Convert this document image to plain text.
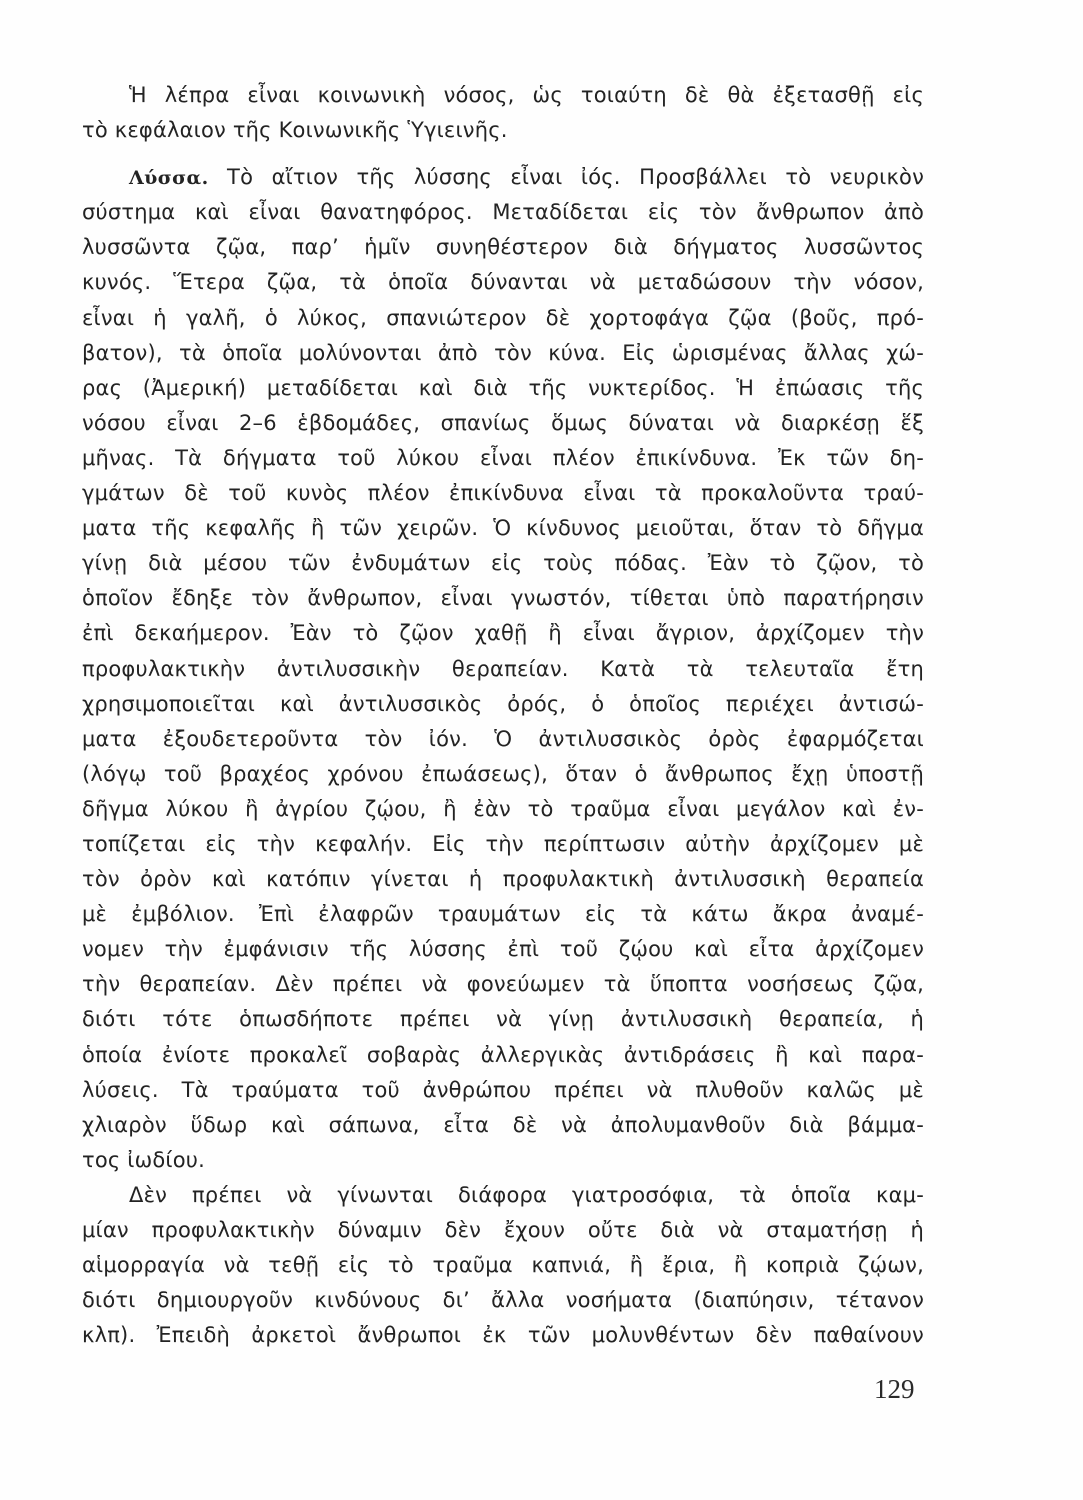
Ἡ λέπρα εἶναι κοινωνικὴ νόσος, ὡς τοιαύτη δὲ θὰ ἐξετασθῇ εἰς
τὸ κεφάλαιον τῆς Κοινωνικῆς Ὑγιεινῆς.
Λύσσα. Τὸ αἴτιον τῆς λύσσης εἶναι ἰός. Προσβάλλει τὸ νευρικὸν
σύστημα καὶ εἶναι θανατηφόρος. Μεταδίδεται εἰς τὸν ἄνθρωπον ἀπὸ
λυσσῶντα ζῷα, παρ’ ἡμῖν συνηθέστερον διὰ δήγματος λυσσῶντος
κυνός. Ἕτερα ζῷα, τὰ ὁποῖα δύνανται νὰ μεταδώσουν τὴν νόσον,
εἶναι ἡ γαλῆ, ὁ λύκος, σπανιώτερον δὲ χορτοφάγα ζῷα (βοῦς, πρό-
βατον), τὰ ὁποῖα μολύνονται ἀπὸ τὸν κύνα. Εἰς ὡρισμένας ἄλλας χώ-
ρας (Ἀμερική) μεταδίδεται καὶ διὰ τῆς νυκτερίδος. Ἡ ἐπώασις τῆς
νόσου εἶναι 2–6 ἑβδομάδες, σπανίως ὅμως δύναται νὰ διαρκέσῃ ἕξ
μῆνας. Τὰ δήγματα τοῦ λύκου εἶναι πλέον ἐπικίνδυνα. Ἐκ τῶν δη-
γμάτων δὲ τοῦ κυνὸς πλέον ἐπικίνδυνα εἶναι τὰ προκαλοῦντα τραύ-
ματα τῆς κεφαλῆς ἢ τῶν χειρῶν. Ὁ κίνδυνος μειοῦται, ὅταν τὸ δῆγμα
γίνῃ διὰ μέσου τῶν ἐνδυμάτων εἰς τοὺς πόδας. Ἐὰν τὸ ζῷον, τὸ
ὁποῖον ἔδηξε τὸν ἄνθρωπον, εἶναι γνωστόν, τίθεται ὑπὸ παρατήρησιν
ἐπὶ δεκαήμερον. Ἐὰν τὸ ζῷον χαθῇ ἢ εἶναι ἄγριον, ἀρχίζομεν τὴν
προφυλακτικὴν ἀντιλυσσικὴν θεραπείαν. Κατὰ τὰ τελευταῖα ἔτη
χρησιμοποιεῖται καὶ ἀντιλυσσικὸς ὀρός, ὁ ὁποῖος περιέχει ἀντισώ-
ματα ἐξουδετεροῦντα τὸν ἰόν. Ὁ ἀντιλυσσικὸς ὀρὸς ἐφαρμόζεται
(λόγῳ τοῦ βραχέος χρόνου ἐπωάσεως), ὅταν ὁ ἄνθρωπος ἔχῃ ὑποστῇ
δῆγμα λύκου ἢ ἀγρίου ζῴου, ἢ ἐὰν τὸ τραῦμα εἶναι μεγάλον καὶ ἐν-
τοπίζεται εἰς τὴν κεφαλήν. Εἰς τὴν περίπτωσιν αὐτὴν ἀρχίζομεν μὲ
τὸν ὀρὸν καὶ κατόπιν γίνεται ἡ προφυλακτικὴ ἀντιλυσσικὴ θεραπεία
μὲ ἐμβόλιον. Ἐπὶ ἐλαφρῶν τραυμάτων εἰς τὰ κάτω ἄκρα ἀναμέ-
νομεν τὴν ἐμφάνισιν τῆς λύσσης ἐπὶ τοῦ ζῴου καὶ εἶτα ἀρχίζομεν
τὴν θεραπείαν. Δὲν πρέπει νὰ φονεύωμεν τὰ ὕποπτα νοσήσεως ζῷα,
διότι τότε ὁπωσδήποτε πρέπει νὰ γίνῃ ἀντιλυσσικὴ θεραπεία, ἡ
ὁποία ἐνίοτε προκαλεῖ σοβαρὰς ἀλλεργικὰς ἀντιδράσεις ἢ καὶ παρα-
λύσεις. Τὰ τραύματα τοῦ ἀνθρώπου πρέπει νὰ πλυθοῦν καλῶς μὲ
χλιαρὸν ὕδωρ καὶ σάπωνα, εἶτα δὲ νὰ ἀπολυμανθοῦν διὰ βάμμα-
τος ἰωδίου.
Δὲν πρέπει νὰ γίνωνται διάφορα γιατροσόφια, τὰ ὁποῖα καμ-
μίαν προφυλακτικὴν δύναμιν δὲν ἔχουν οὔτε διὰ νὰ σταματήσῃ ἡ
αἱμορραγία νὰ τεθῇ εἰς τὸ τραῦμα καπνιά, ἢ ἔρια, ἢ κοπριὰ ζῴων,
διότι δημιουργοῦν κινδύνους δι’ ἄλλα νοσήματα (διαπύησιν, τέτανον
κλπ). Ἐπειδὴ ἀρκετοὶ ἄνθρωποι ἐκ τῶν μολυνθέντων δὲν παθαίνουν
129
